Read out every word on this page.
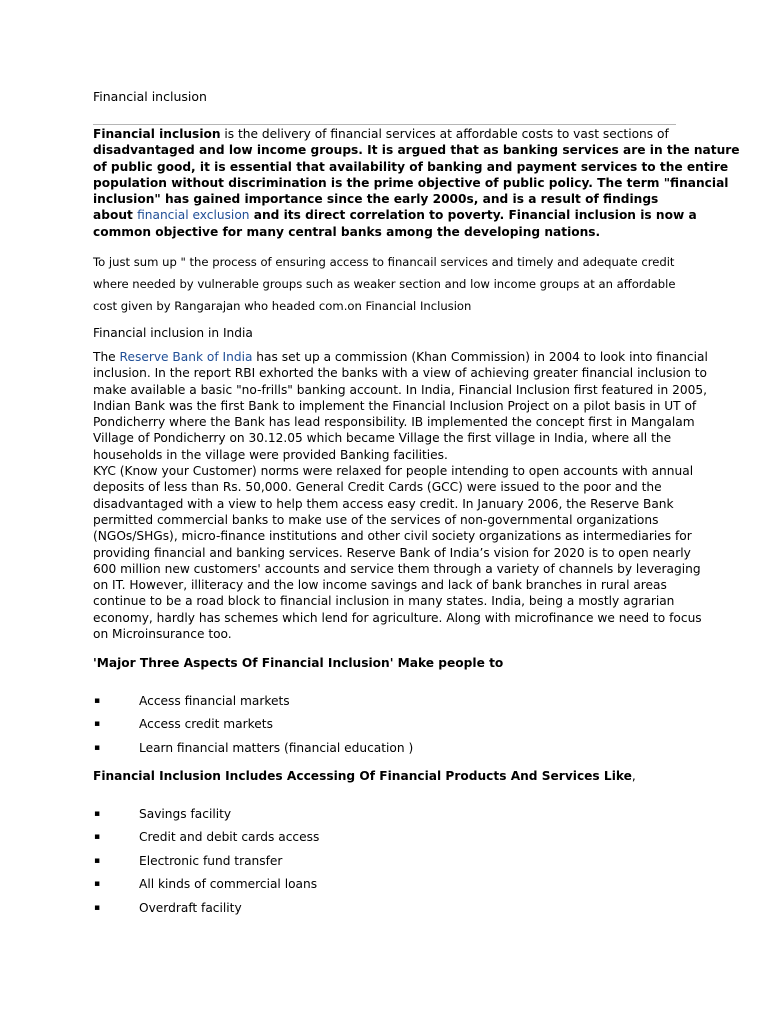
Financial inclusion
Financial inclusion is the delivery of financial services at affordable costs to vast sections of
disadvantaged and low income groups. It is argued that as banking services are in the nature
of public good, it is essential that availability of banking and payment services to the entire
population without discrimination is the prime objective of public policy. The term "financial
inclusion" has gained importance since the early 2000s, and is a result of findings
about financial exclusion and its direct correlation to poverty. Financial inclusion is now a
common objective for many central banks among the developing nations.
To just sum up " the process of ensuring access to financail services and timely and adequate credit
where needed by vulnerable groups such as weaker section and low income groups at an affordable
cost given by Rangarajan who headed com.on Financial Inclusion
Financial inclusion in India
The Reserve Bank of India has set up a commission (Khan Commission) in 2004 to look into financial
inclusion. In the report RBI exhorted the banks with a view of achieving greater financial inclusion to
make available a basic "no-frills" banking account. In India, Financial Inclusion first featured in 2005,
Indian Bank was the first Bank to implement the Financial Inclusion Project on a pilot basis in UT of
Pondicherry where the Bank has lead responsibility. IB implemented the concept first in Mangalam
Village of Pondicherry on 30.12.05 which became Village the first village in India, where all the
households in the village were provided Banking facilities.
KYC (Know your Customer) norms were relaxed for people intending to open accounts with annual
deposits of less than Rs. 50,000. General Credit Cards (GCC) were issued to the poor and the
disadvantaged with a view to help them access easy credit. In January 2006, the Reserve Bank
permitted commercial banks to make use of the services of non-governmental organizations
(NGOs/SHGs), micro-finance institutions and other civil society organizations as intermediaries for
providing financial and banking services. Reserve Bank of India’s vision for 2020 is to open nearly
600 million new customers' accounts and service them through a variety of channels by leveraging
on IT. However, illiteracy and the low income savings and lack of bank branches in rural areas
continue to be a road block to financial inclusion in many states. India, being a mostly agrarian
economy, hardly has schemes which lend for agriculture. Along with microfinance we need to focus
on Microinsurance too.
'Major Three Aspects Of Financial Inclusion' Make people to
▪	Access financial markets
▪	Access credit markets
▪	Learn financial matters (financial education )
Financial Inclusion Includes Accessing Of Financial Products And Services Like,
▪	Savings facility
▪	Credit and debit cards access
▪	Electronic fund transfer
▪	All kinds of commercial loans
▪	Overdraft facility
